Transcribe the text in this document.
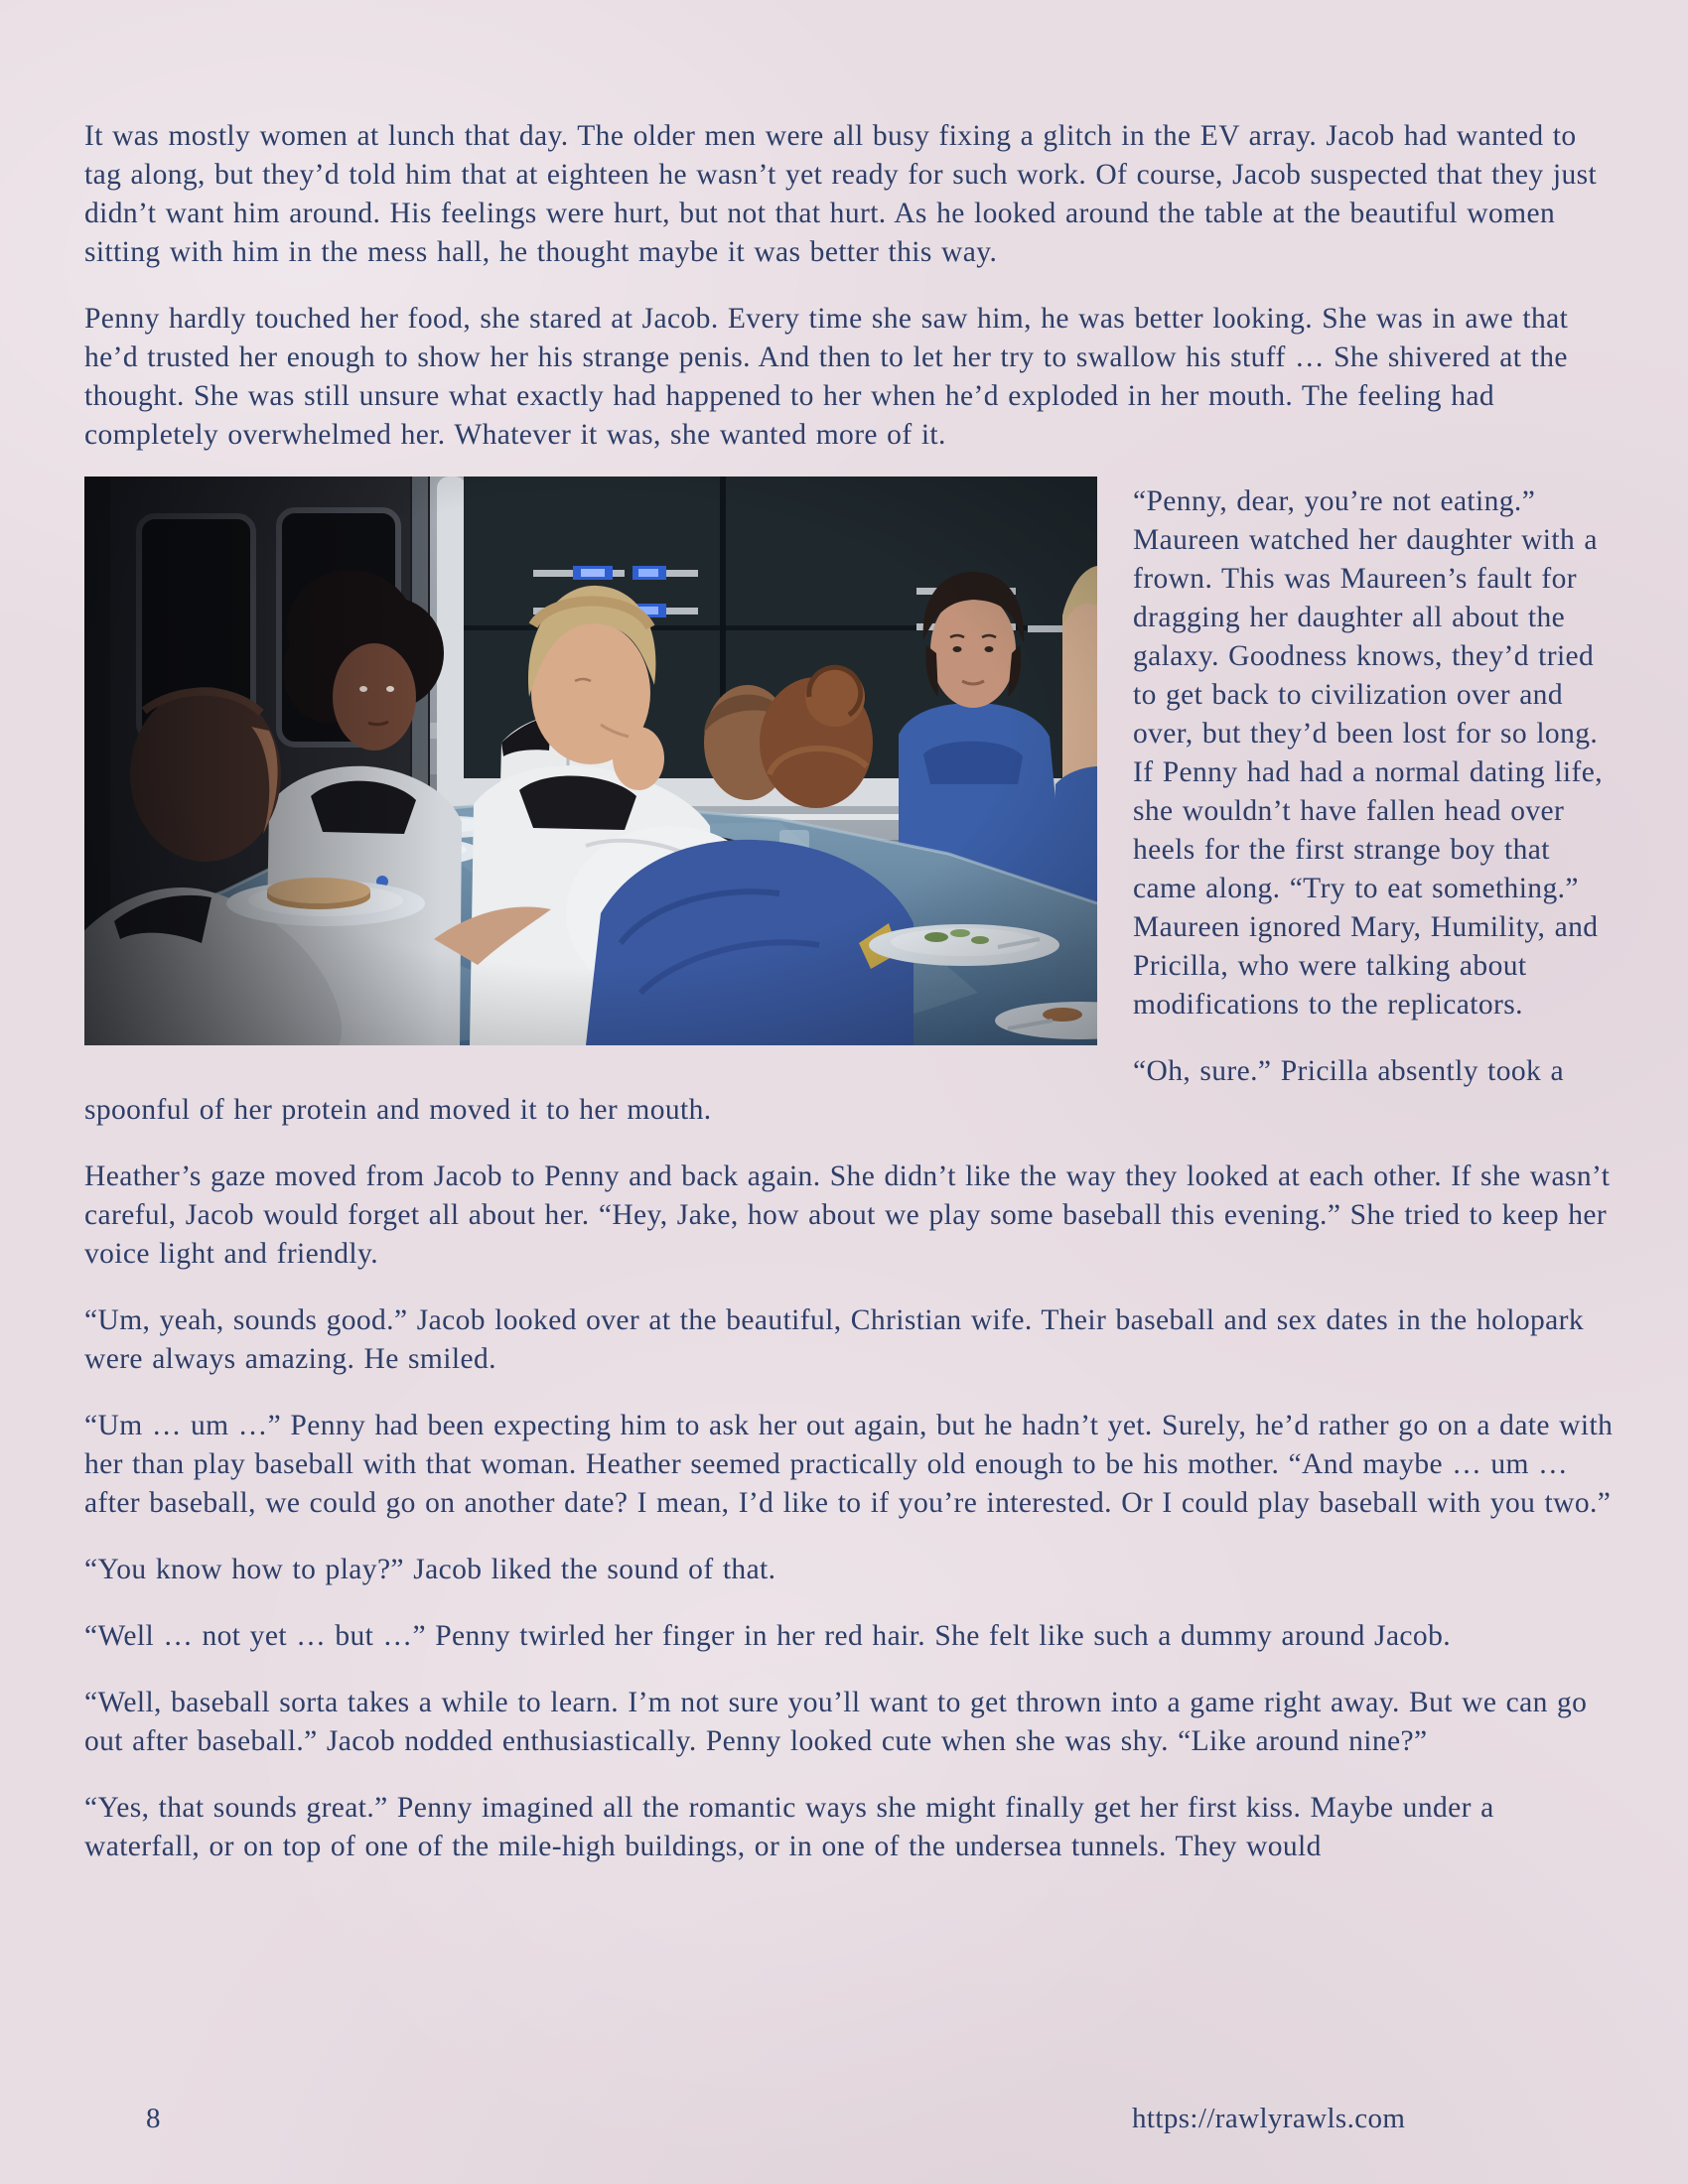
It was mostly women at lunch that day. The older men were all busy fixing a glitch in the EV array. Jacob had wanted to tag along, but they’d told him that at eighteen he wasn’t yet ready for such work. Of course, Jacob suspected that they just didn’t want him around. His feelings were hurt, but not that hurt. As he looked around the table at the beautiful women sitting with him in the mess hall, he thought maybe it was better this way.

Penny hardly touched her food, she stared at Jacob. Every time she saw him, he was better looking. She was in awe that he’d trusted her enough to show her his strange penis. And then to let her try to swallow his stuff … She shivered at the thought. She was still unsure what exactly had happened to her when he’d exploded in her mouth. The feeling had completely overwhelmed her. Whatever it was, she wanted more of it.

“Penny, dear, you’re not eating.” Maureen watched her daughter with a frown. This was Maureen’s fault for dragging her daughter all about the galaxy. Goodness knows, they’d tried to get back to civilization over and over, but they’d been lost for so long. If Penny had had a normal dating life, she wouldn’t have fallen head over heels for the first strange boy that came along. “Try to eat something.” Maureen ignored Mary, Humility, and Pricilla, who were talking about modifications to the replicators.

“Oh, sure.” Pricilla absently took a spoonful of her protein and moved it to her mouth.

Heather’s gaze moved from Jacob to Penny and back again. She didn’t like the way they looked at each other. If she wasn’t careful, Jacob would forget all about her. “Hey, Jake, how about we play some baseball this evening.” She tried to keep her voice light and friendly.

“Um, yeah, sounds good.” Jacob looked over at the beautiful, Christian wife. Their baseball and sex dates in the holopark were always amazing. He smiled.

“Um … um …” Penny had been expecting him to ask her out again, but he hadn’t yet. Surely, he’d rather go on a date with her than play baseball with that woman. Heather seemed practically old enough to be his mother. “And maybe … um … after baseball, we could go on another date? I mean, I’d like to if you’re interested. Or I could play baseball with you two.”

“You know how to play?” Jacob liked the sound of that.

“Well … not yet … but …” Penny twirled her finger in her red hair. She felt like such a dummy around Jacob.

“Well, baseball sorta takes a while to learn. I’m not sure you’ll want to get thrown into a game right away. But we can go out after baseball.” Jacob nodded enthusiastically. Penny looked cute when she was shy. “Like around nine?”

“Yes, that sounds great.” Penny imagined all the romantic ways she might finally get her first kiss. Maybe under a waterfall, or on top of one of the mile-high buildings, or in one of the undersea tunnels. They would

8	https://rawlyrawls.com
